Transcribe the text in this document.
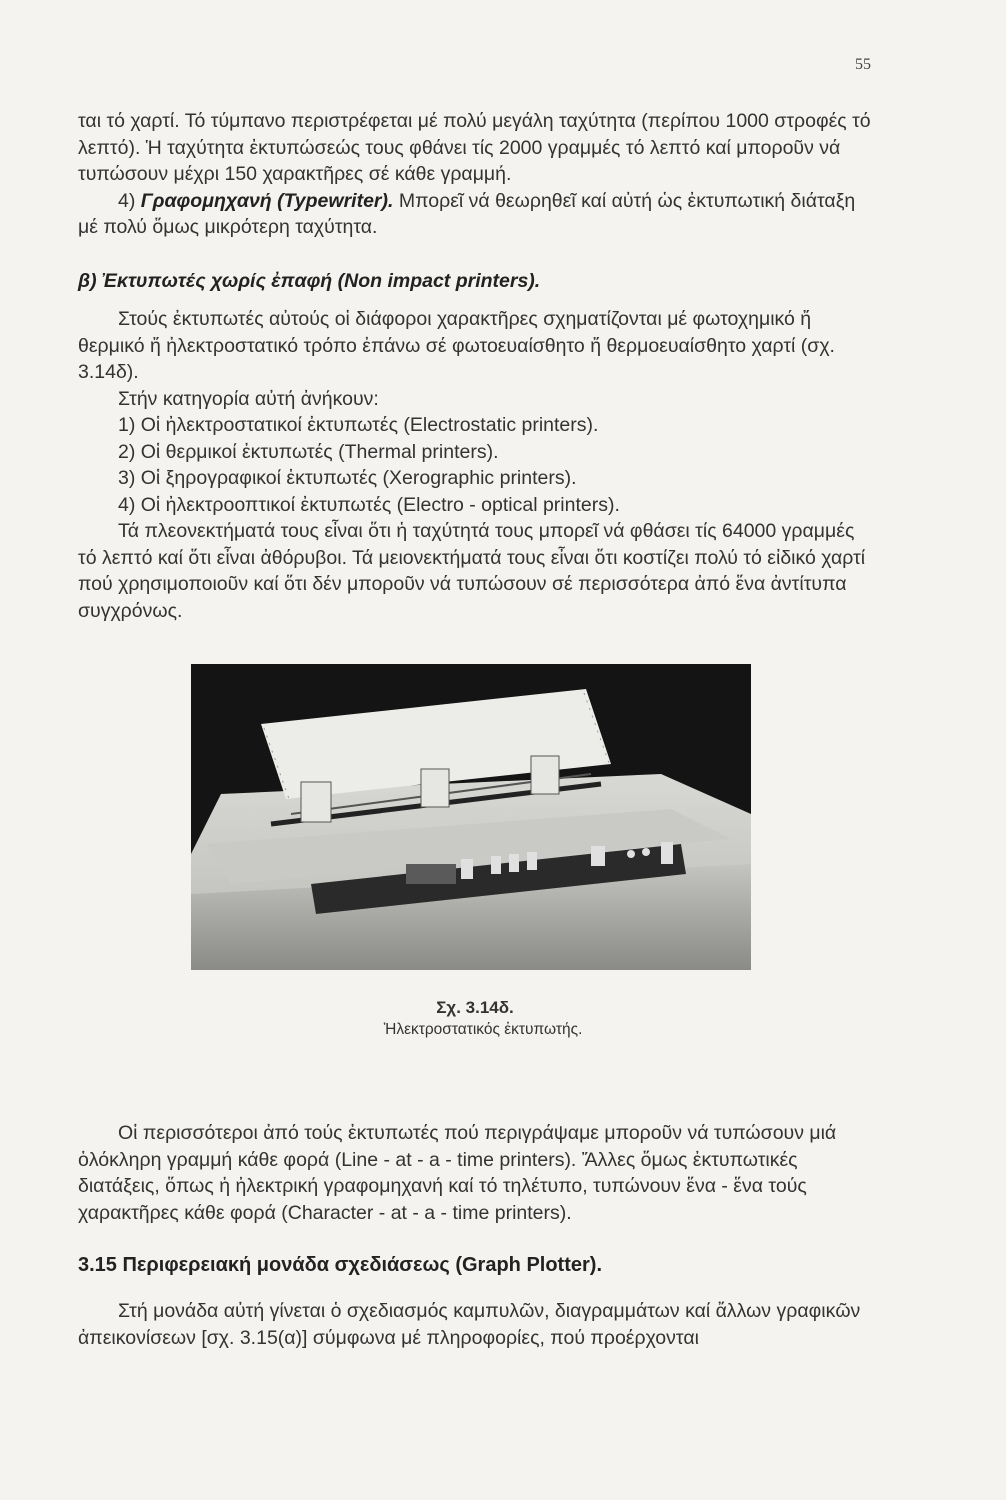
55

ται τό χαρτί. Τό τύμπανο περιστρέφεται μέ πολύ μεγάλη ταχύτητα (περίπου 1000 στροφές τό λεπτό). Ἡ ταχύτητα ἐκτυπώσεώς τους φθάνει τίς 2000 γραμμές τό λεπτό καί μποροῦν νά τυπώσουν μέχρι 150 χαρακτῆρες σέ κάθε γραμμή.

4) Γραφομηχανή (Typewriter). Μπορεῖ νά θεωρηθεῖ καί αὐτή ὡς ἐκτυπωτική διάταξη μέ πολύ ὅμως μικρότερη ταχύτητα.

β) Ἐκτυπωτές χωρίς ἐπαφή (Non impact printers).

Στούς ἐκτυπωτές αὐτούς οἱ διάφοροι χαρακτῆρες σχηματίζονται μέ φωτοχημικό ἤ θερμικό ἤ ἠλεκτροστατικό τρόπο ἐπάνω σέ φωτοευαίσθητο ἤ θερμοευαίσθητο χαρτί (σχ. 3.14δ).

Στήν κατηγορία αὐτή ἀνήκουν:

1) Οἱ ἠλεκτροστατικοί ἐκτυπωτές (Electrostatic printers).

2) Οἱ θερμικοί ἐκτυπωτές (Thermal printers).

3) Οἱ ξηρογραφικοί ἐκτυπωτές (Xerographic printers).

4) Οἱ ἠλεκτροοπτικοί ἐκτυπωτές (Electro - optical printers).

Τά πλεονεκτήματά τους εἶναι ὅτι ἡ ταχύτητά τους μπορεῖ νά φθάσει τίς 64000 γραμμές τό λεπτό καί ὅτι εἶναι ἀθόρυβοι. Τά μειονεκτήματά τους εἶναι ὅτι κοστίζει πολύ τό εἰδικό χαρτί πού χρησιμοποιοῦν καί ὅτι δέν μποροῦν νά τυπώσουν σέ περισσότερα ἀπό ἕνα ἀντίτυπα συγχρόνως.

Σχ. 3.14δ.
Ἠλεκτροστατικός ἐκτυπωτής.

Οἱ περισσότεροι ἀπό τούς ἐκτυπωτές πού περιγράψαμε μποροῦν νά τυπώσουν μιά ὁλόκληρη γραμμή κάθε φορά (Line - at - a - time printers). Ἄλλες ὅμως ἐκτυπωτικές διατάξεις, ὅπως ἡ ἠλεκτρική γραφομηχανή καί τό τηλέτυπο, τυπώνουν ἕνα - ἕνα τούς χαρακτῆρες κάθε φορά (Character - at - a - time printers).

3.15 Περιφερειακή μονάδα σχεδιάσεως (Graph Plotter).

Στή μονάδα αὐτή γίνεται ὁ σχεδιασμός καμπυλῶν, διαγραμμάτων καί ἄλλων γραφικῶν ἀπεικονίσεων [σχ. 3.15(α)] σύμφωνα μέ πληροφορίες, πού προέρχονται
